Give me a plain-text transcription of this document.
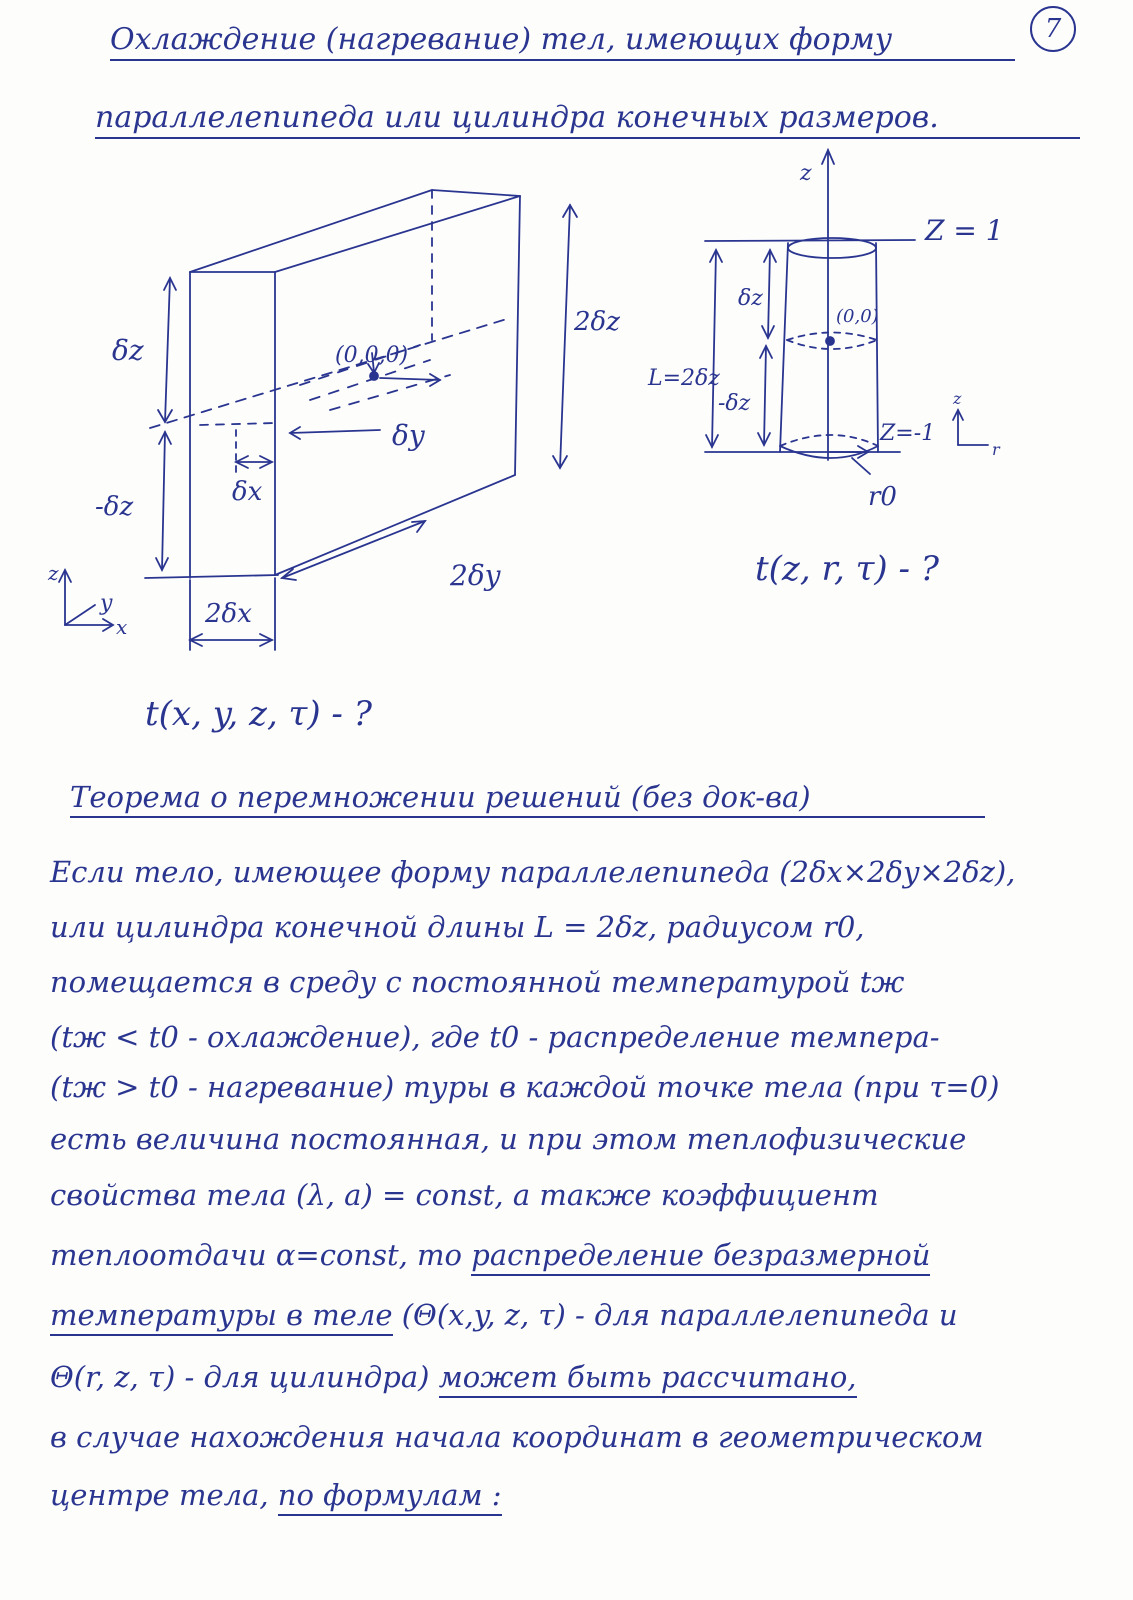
7
Охлаждение (нагревание) тел, имеющих форму
параллелепипеда или цилиндра конечных размеров.
(0,0,0)
δz
-δz
2δz
δy
δx
2δy
2δx
z
y
x
t(x, y, z, τ) - ?
z
Z = 1
Z=-1
(0,0)
δz
-δz
L=2δz
r0
z
r
t(z, r, τ) - ?
Теорема о перемножении решений (без док-ва)
Если тело, имеющее форму параллелепипеда (2δx×2δy×2δz),
или цилиндра конечной длины L = 2δz, радиусом r0,
помещается в среду с постоянной температурой tж
(tж < t0 - охлаждение), где t0 - распределение темпера-
(tж > t0 - нагревание) туры в каждой точке тела (при τ=0)
есть величина постоянная, и при этом теплофизические
свойства тела (λ, a) = const, а также коэффициент
теплоотдачи α=const, то распределение безразмерной
температуры в теле (Θ(x,y, z, τ) - для параллелепипеда и
Θ(r, z, τ) - для цилиндра) может быть рассчитано,
в случае нахождения начала координат в геометрическом
центре тела, по формулам :
